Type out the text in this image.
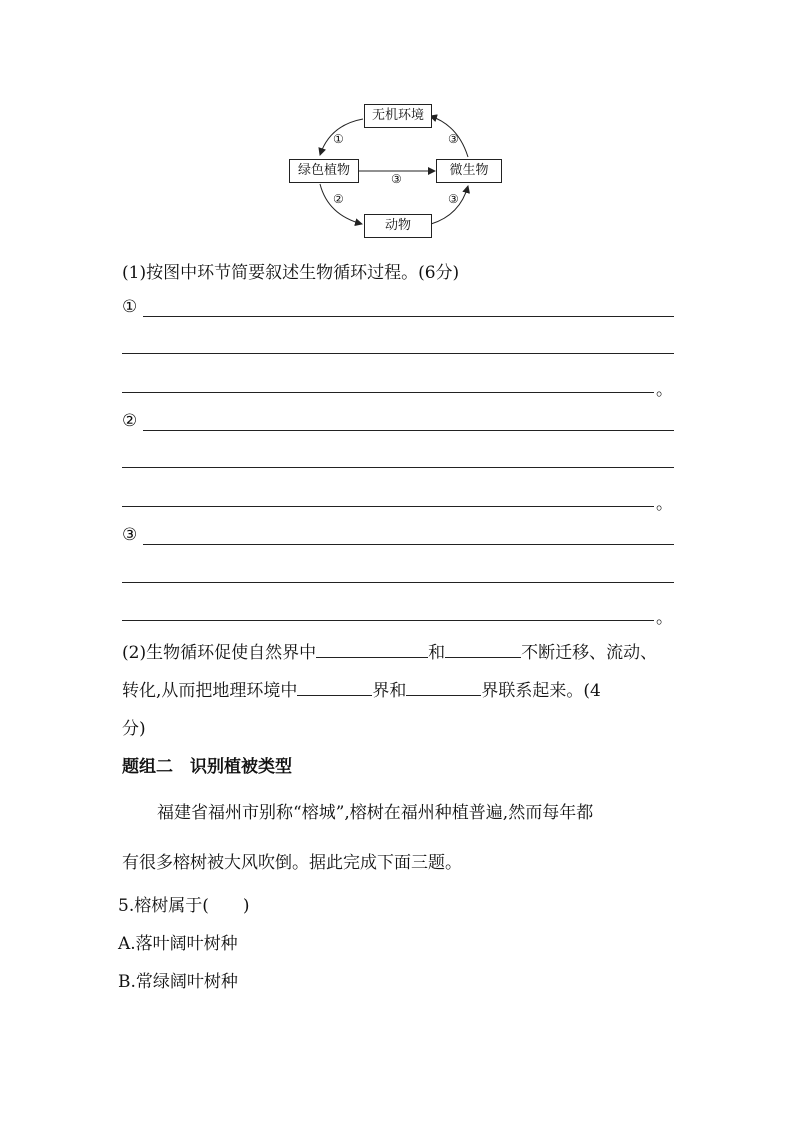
无机环境
绿色植物	微生物
动物
①	③
③
②	③
(1)按图中环节简要叙述生物循环过程。(6分)
①
。
②
。
③
。
(2)生物循环促使自然界中	和	不断迁移、流动、
转化,从而把地理环境中	界和	界联系起来。(4
分)
题组二　识别植被类型
福建省福州市别称“榕城”,榕树在福州种植普遍,然而每年都
有很多榕树被大风吹倒。据此完成下面三题。
5.榕树属于(　　)
A.落叶阔叶树种
B.常绿阔叶树种
